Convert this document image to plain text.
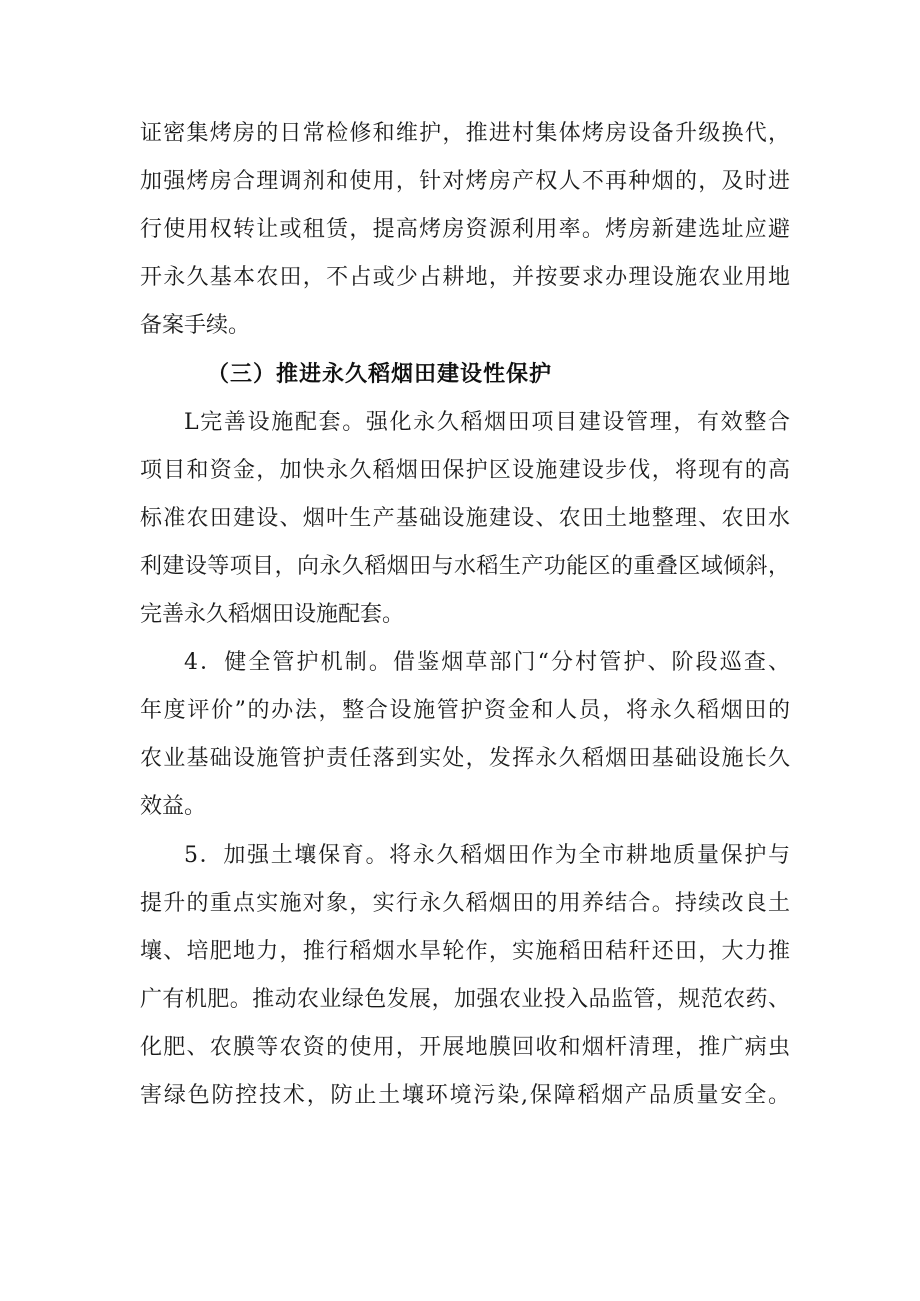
证密集烤房的日常检修和维护，推进村集体烤房设备升级换代，
加强烤房合理调剂和使用，针对烤房产权人不再种烟的，及时进
行使用权转让或租赁，提高烤房资源利用率。烤房新建选址应避
开永久基本农田，不占或少占耕地，并按要求办理设施农业用地
备案手续。
（三）推进永久稻烟田建设性保护
L完善设施配套。强化永久稻烟田项目建设管理，有效整合
项目和资金，加快永久稻烟田保护区设施建设步伐，将现有的高
标准农田建设、烟叶生产基础设施建设、农田土地整理、农田水
利建设等项目，向永久稻烟田与水稻生产功能区的重叠区域倾斜，
完善永久稻烟田设施配套。
4．健全管护机制。借鉴烟草部门“分村管护、阶段巡查、
年度评价”的办法，整合设施管护资金和人员，将永久稻烟田的
农业基础设施管护责任落到实处，发挥永久稻烟田基础设施长久
效益。
5．加强土壤保育。将永久稻烟田作为全市耕地质量保护与
提升的重点实施对象，实行永久稻烟田的用养结合。持续改良土
壤、培肥地力，推行稻烟水旱轮作，实施稻田秸秆还田，大力推
广有机肥。推动农业绿色发展，加强农业投入品监管，规范农药、
化肥、农膜等农资的使用，开展地膜回收和烟杆清理，推广病虫
害绿色防控技术，防止土壤环境污染,保障稻烟产品质量安全。
